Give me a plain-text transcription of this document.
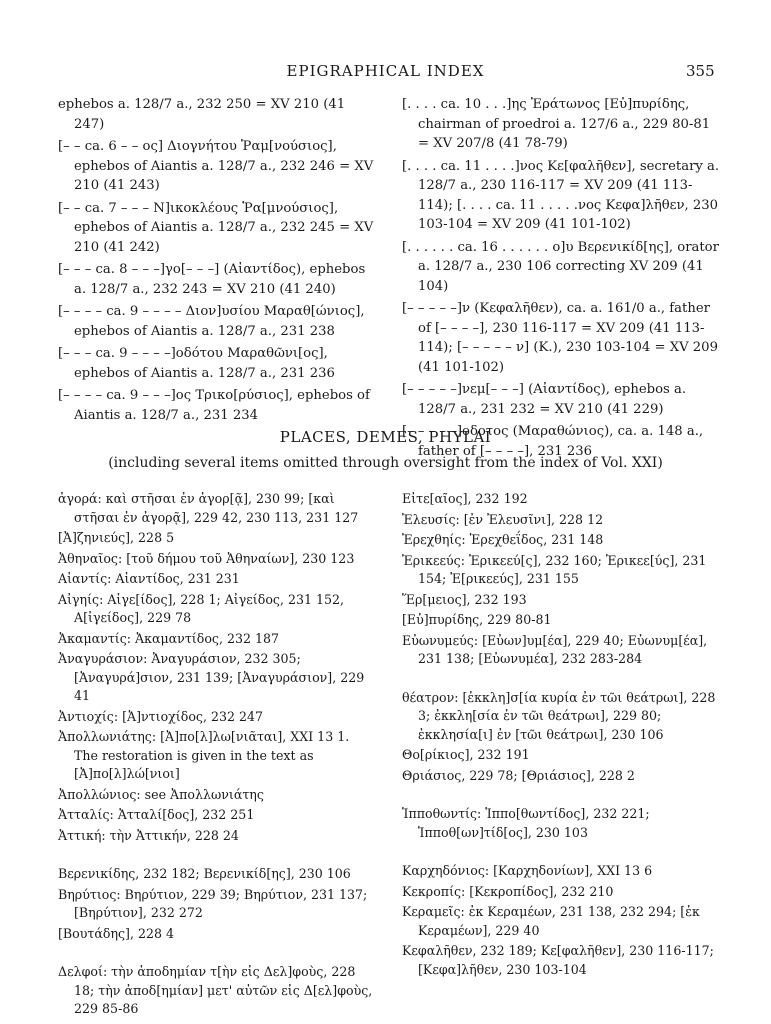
EPIGRAPHICAL INDEX	355

ephebos a. 128/7 a., 232 250 = XV 210 (41 247)

[– – ca. 6 – – ος] Διογνήτου Ῥαμ[νούσιος], ephebos of Aiantis a. 128/7 a., 232 246 = XV 210 (41 243)

[– – ca. 7 – – – Ν]ικοκλέους Ῥα[μνούσιος], ephebos of Aiantis a. 128/7 a., 232 245 = XV 210 (41 242)

[– – – ca. 8 – – –]γο[– – –] (Αἰαντίδος), ephebos a. 128/7 a., 232 243 = XV 210 (41 240)

[– – – – ca. 9 – – – – Διον]υσίου Μαραθ[ώνιος], ephebos of Aiantis a. 128/7 a., 231 238

[– – – ca. 9 – – – –]οδότου Μαραθῶνι[ος], ephebos of Aiantis a. 128/7 a., 231 236

[– – – – ca. 9 – – –]ος Τρικο[ρύσιος], ephebos of Aiantis a. 128/7 a., 231 234

[. . . . ca. 10 . . .]ης Ἐράτωνος [Εὐ]πυρίδης, chairman of proedroi a. 127/6 a., 229 80-81 = XV 207/8 (41 78-79)

[. . . . ca. 11 . . . .]νος Κε[φαλῆθεν], secretary a. 128/7 a., 230 116-117 = XV 209 (41 113-114); [. . . . ca. 11 . . . . .νος Κεφα]λῆθεν, 230 103-104 = XV 209 (41 101-102)

[. . . . . . ca. 16 . . . . . . ο]υ Βερενικίδ[ης], orator a. 128/7 a., 230 106 correcting XV 209 (41 104)

[– – – – –]ν (Κεφαλῆθεν), ca. a. 161/0 a., father of [– – – –], 230 116-117 = XV 209 (41 113-114); [– – – – – ν] (K.), 230 103-104 = XV 209 (41 101-102)

[– – – – –]νεμ[– – –] (Αἰαντίδος), ephebos a. 128/7 a., 231 232 = XV 210 (41 229)

[– – – – –]οδοτος (Μαραθώνιος), ca. a. 148 a., father of [– – – –], 231 236

PLACES, DEMES, PHYLAI
(including several items omitted through oversight from the index of Vol. XXI)

ἀγορά: καὶ στῆσαι ἐν ἀγορ[ᾷ], 230 99; [καὶ στῆσαι ἐν ἀγορᾷ], 229 42, 230 113, 231 127

[Ἀ]ζηνιεύς], 228 5

Ἀθηναῖος: [τοῦ δήμου τοῦ Ἀθηναίων], 230 123

Αἰαντίς: Αἰαντίδος, 231 231

Αἰγηίς: Αἰγε[ίδος], 228 1; Αἰγείδος, 231 152, Α[ἰγείδος], 229 78

Ἀκαμαντίς: Ἀκαμαντίδος, 232 187

Ἀναγυράσιον: Ἀναγυράσιον, 232 305; [Ἀναγυρά]σιον, 231 139; [Ἀναγυράσιον], 229 41

Ἀντιοχίς: [Ἀ]ντιοχίδος, 232 247

Ἀπολλωνιάτης: [Ἀ]πο[λ]λω[νιᾶται], XXI 13 1. The restoration is given in the text as [Ἀ]πο[λ]λώ[νιοι]

Ἀπολλώνιος: see Ἀπολλωνιάτης

Ἀτταλίς: Ἀτταλί[δος], 232 251

Ἀττική: τὴν Ἀττικήν, 228 24

Βερενικίδης, 232 182; Βερενικίδ[ης], 230 106

Βηρύτιος: Βηρύτιον, 229 39; Βηρύτιον, 231 137; [Βηρύτιον], 232 272

[Βουτάδης], 228 4

Δελφοί: τὴν ἀποδημίαν τ[ὴν εἰς Δελ]φοὺς, 228 18; τὴν ἀποδ[ημίαν] μετ' αὐτῶν εἰς Δ[ελ]φοὺς, 229 85-86

Εἰτε[αῖος], 232 192

Ἐλευσίς: [ἐν Ἐλευσῖνι], 228 12

Ἐρεχθηίς: Ἐρεχθεΐδος, 231 148

Ἐρικεεύς: Ἐρικεεύ[ς], 232 160; Ἐρικεε[ύς], 231 154; Ἐ[ρικεεύς], 231 155

Ἕρ[μειος], 232 193

[Εὐ]πυρίδης, 229 80-81

Εὐωνυμεύς: [Εὐων]υμ[έα], 229 40; Εὐωνυμ[έα], 231 138; [Εὐωνυμέα], 232 283-284

θέατρον: [ἐκκλη]σ[ία κυρία ἐν τῶι θεάτρωι], 228 3; ἐκκλη[σία ἐν τῶι θεάτρωι], 229 80; ἐκκλησία[ι] ἐν [τῶι θεάτρωι], 230 106

Θο[ρίκιος], 232 191

Θριάσιος, 229 78; [Θριάσιος], 228 2

Ἱπποθωντίς: Ἱππο[θωντίδος], 232 221; Ἱπποθ[ων]τίδ[ος], 230 103

Καρχηδόνιος: [Καρχηδονίων], XXI 13 6

Κεκροπίς: [Κεκροπίδος], 232 210

Κεραμεῖς: ἐκ Κεραμέων, 231 138, 232 294; [ἐκ Κεραμέων], 229 40

Κεφαλῆθεν, 232 189; Κε[φαλῆθεν], 230 116-117; [Κεφα]λῆθεν, 230 103-104
